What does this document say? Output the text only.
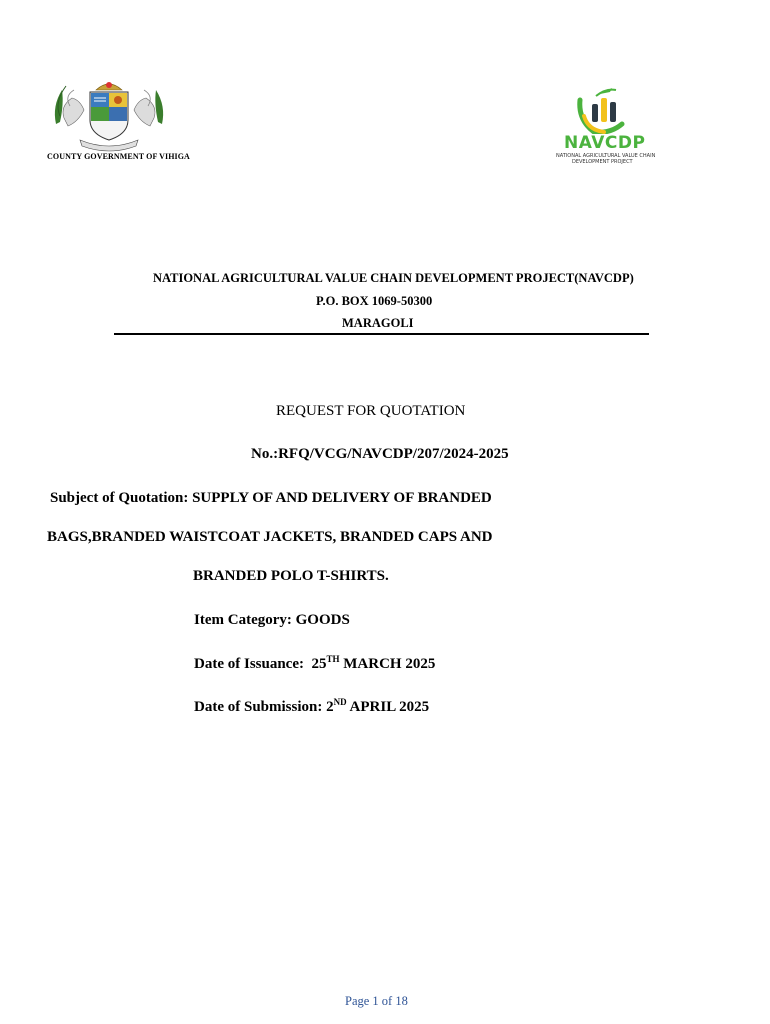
COUNTY GOVERNMENT OF VIHIGA
NAVCDP
NATIONAL AGRICULTURAL VALUE CHAIN
DEVELOPMENT PROJECT
NATIONAL AGRICULTURAL VALUE CHAIN DEVELOPMENT PROJECT(NAVCDP)
P.O. BOX 1069-50300
MARAGOLI
REQUEST FOR QUOTATION
No.:RFQ/VCG/NAVCDP/207/2024-2025
Subject of Quotation: SUPPLY OF AND DELIVERY OF BRANDED
BAGS,BRANDED WAISTCOAT JACKETS, BRANDED CAPS AND
BRANDED POLO T-SHIRTS.
Item Category: GOODS
Date of Issuance: 25TH MARCH 2025
Date of Submission: 2ND APRIL 2025
Page 1 of 18
